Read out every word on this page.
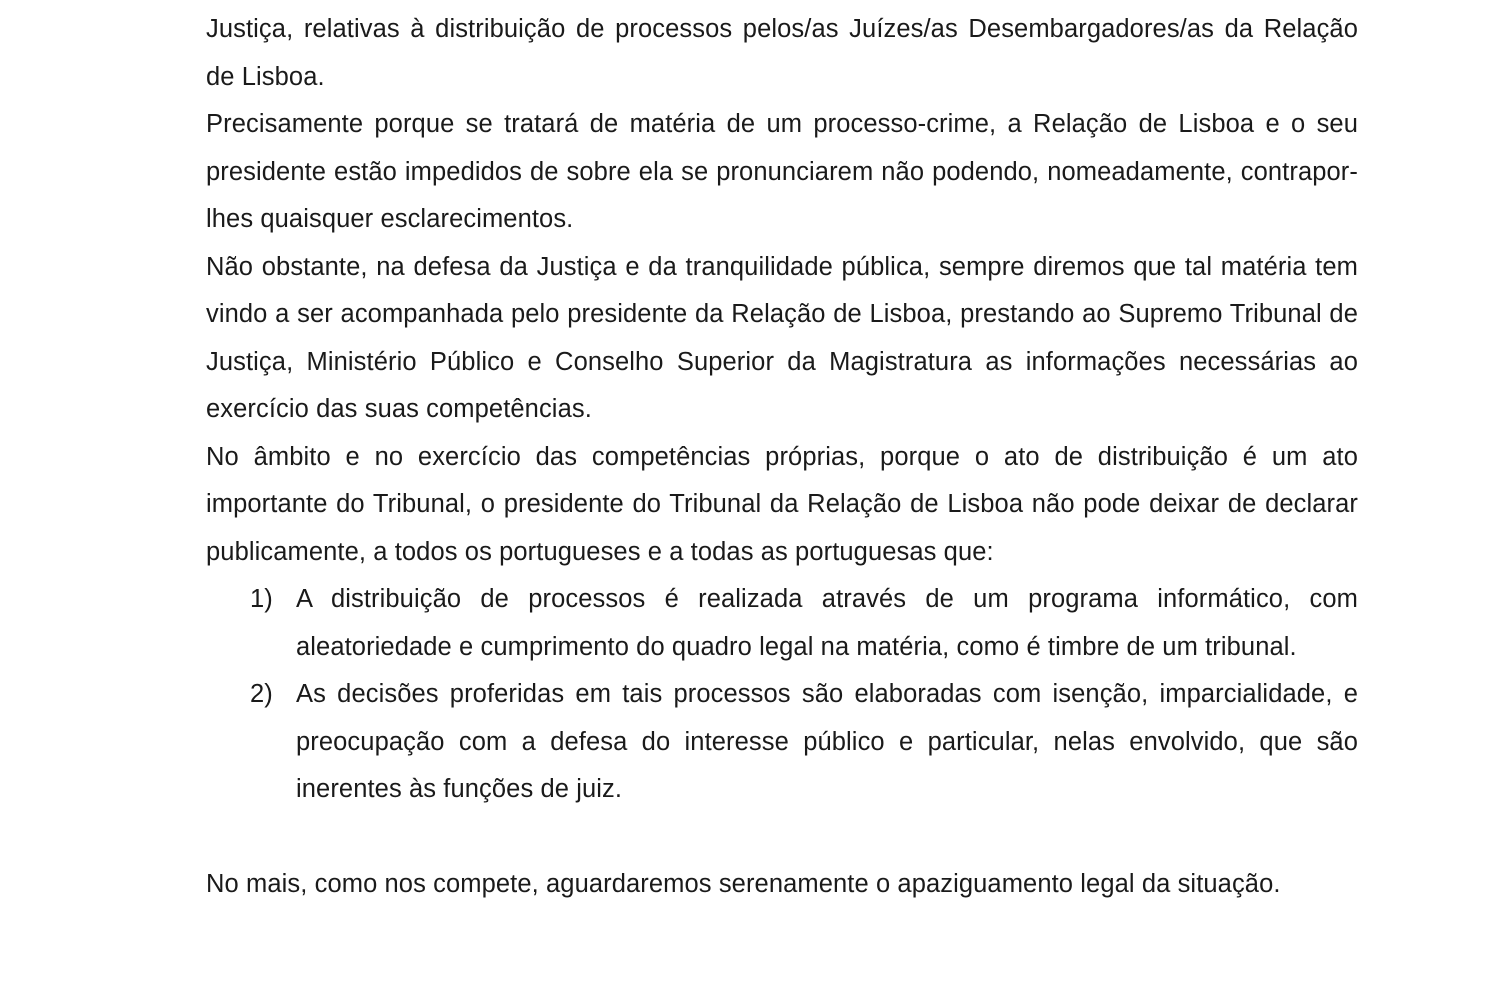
Justiça, relativas à distribuição de processos pelos/as Juízes/as Desembargadores/as da Relação de Lisboa.

Precisamente porque se tratará de matéria de um processo-crime, a Relação de Lisboa e o seu presidente estão impedidos de sobre ela se pronunciarem não podendo, nomeadamente, contrapor-lhes quaisquer esclarecimentos.

Não obstante, na defesa da Justiça e da tranquilidade pública, sempre diremos que tal matéria tem vindo a ser acompanhada pelo presidente da Relação de Lisboa, prestando ao Supremo Tribunal de Justiça, Ministério Público e Conselho Superior da Magistratura as informações necessárias ao exercício das suas competências.

No âmbito e no exercício das competências próprias, porque o ato de distribuição é um ato importante do Tribunal, o presidente do Tribunal da Relação de Lisboa não pode deixar de declarar publicamente, a todos os portugueses e a todas as portuguesas que:

1) A distribuição de processos é realizada através de um programa informático, com aleatoriedade e cumprimento do quadro legal na matéria, como é timbre de um tribunal.
2) As decisões proferidas em tais processos são elaboradas com isenção, imparcialidade, e preocupação com a defesa do interesse público e particular, nelas envolvido, que são inerentes às funções de juiz.

No mais, como nos compete, aguardaremos serenamente o apaziguamento legal da situação.
